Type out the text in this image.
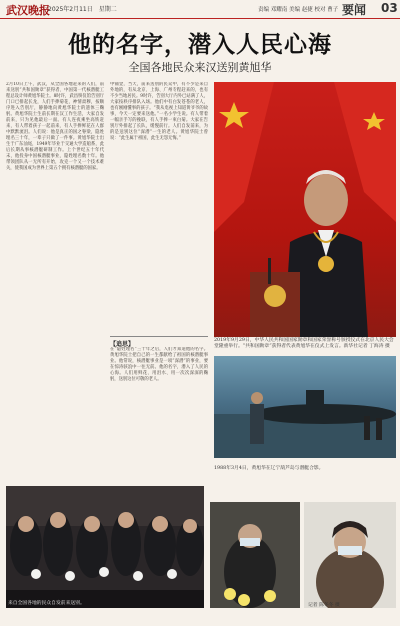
武汉晚报
2025年2月11日　星期二	责编 邓耀南 美编 赵捷 校对 曹子 要闻 03
他的名字，潜入人民心海
全国各地民众来汉送别黄旭华
2月10日上午，武汉，从全国各地赶来的人们，前来送别“共和国勋章”获得者、中国第一代核潜艇工程总设计师黄旭华院士。8时许，武昌殡仪馆告别厅门口已排起长龙，人们手捧菊花，神情肃穆，按顺序进入告别厅，静静地向黄旭华院士的遗体三鞠躬。黄旭华院士生前长期在汉工作生活，大家自发前来，只为见他最后一面。有人连夜乘坐高铁赶来，有人带着孩子一起前来，有人手捧鲜花在人群中默默流泪。人们说：他是真正的国之脊梁，隐姓埋名三十年，一辈子只做了一件事。黄旭华院士出生于广东汕尾，1949年毕业于交通大学造船系，此后长期从事核潜艇研制工作。上个世纪五十年代末，他投身中国核潜艇事业，隐姓埋名数十年。他带领团队从一无所有开始，攻克一个又一个技术难关，使我国成为世界上第五个拥有核潜艇的国家。
中铺金，当天，前来送别的民众中，有不少是来自外地的，有从北京、上海、广州专程赶来的，也有不少当地居民。9时许，告别大厅内外已站满了人，大家按秩序排队入场。他们中有白发苍苍的老人，也有刚刚懂事的孩子。“我从电视上知道黄爷爷的故事，今天一定要来送他。”一名小学生说。有人带着一幅亲手写的挽联，有人手捧一束白菊。大家在告别厅外排起了长队，缓慢前行。人们自发前来，为的是送别这位“深潜”一生的老人。黄旭华院士曾说：“此生属于祖国，此生无怨无悔。”
2019年9月29日，中华人民共和国国家勋章和国家荣誉称号颁授仪式在北京人民大会堂隆重举行。“共和国勋章”获得者代表黄旭华在仪式上发言。新华社记者 丁海涛 摄
【追思】
在“隐姓埋名”三十年之后，人们才知道他的名字。黄旭华院士把自己的一生都献给了祖国的核潜艇事业。他常说，核潜艇事业是一项“深潜”的事业，要在惊涛骇浪中一往无前。他的名字，潜入了人民的心海。人们用鲜花、用泪水、用一次次深深的鞠躬，送别这位可敬的老人。
1988年3月4日，黄旭华在辽宁葫芦岛与潜艇合影。
来自全国各地的民众自发前来送别。	记者 陈冬冬 摄
